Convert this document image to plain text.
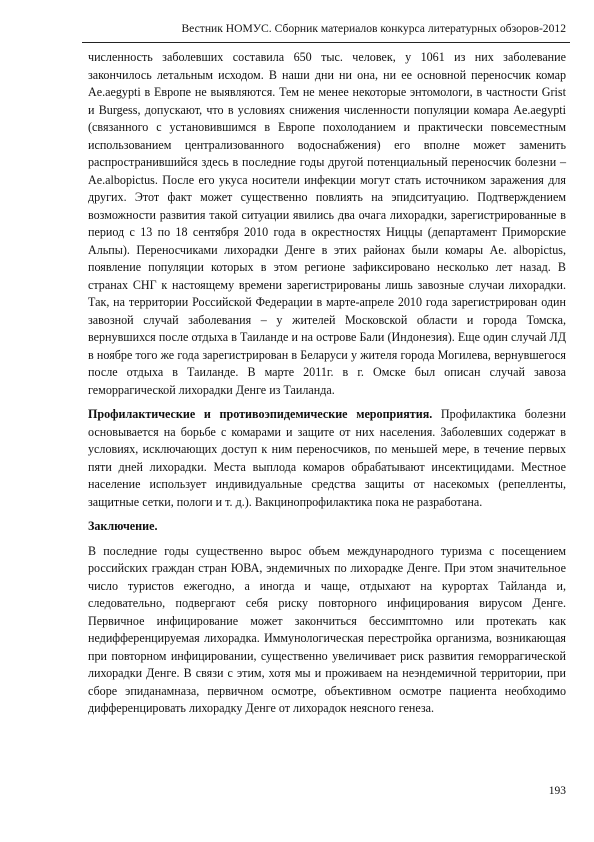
Вестник НОМУС. Сборник материалов конкурса литературных обзоров-2012

численность заболевших составила 650 тыс. человек, у 1061 из них заболевание закончилось летальным исходом. В наши дни ни она, ни ее основной переносчик комар Ae.aegypti в Европе не выявляются. Тем не менее некоторые энтомологи, в частности Grist и Burgess, допускают, что в условиях снижения численности популяции комара Ae.aegypti (связанного с установившимся в Европе похолоданием и практически повсеместным использованием централизованного водоснабжения) его вполне может заменить распространившийся здесь в последние годы другой потенциальный переносчик болезни – Ae.albopictus. После его укуса носители инфекции могут стать источником заражения для других. Этот факт может существенно повлиять на эпидситуацию. Подтверждением возможности развития такой ситуации явились два очага лихорадки, зарегистрированные в период с 13 по 18 сентября 2010 года в окрестностях Ниццы (департамент Приморские Альпы). Переносчиками лихорадки Денге в этих районах были комары Ae. albopictus, появление популяции которых в этом регионе зафиксировано несколько лет назад. В странах СНГ к настоящему времени зарегистрированы лишь завозные случаи лихорадки. Так, на территории Российской Федерации в марте-апреле 2010 года зарегистрирован один завозной случай заболевания – у жителей Московской области и города Томска, вернувшихся после отдыха в Таиланде и на острове Бали (Индонезия). Еще один случай ЛД в ноябре того же года зарегистрирован в Беларуси у жителя города Могилева, вернувшегося после отдыха в Таиланде. В марте 2011г. в г. Омске был описан случай завоза геморрагической лихорадки Денге из Таиланда.

Профилактические и противоэпидемические мероприятия. Профилактика болезни основывается на борьбе с комарами и защите от них населения. Заболевших содержат в условиях, исключающих доступ к ним переносчиков, по меньшей мере, в течение первых пяти дней лихорадки. Места выплода комаров обрабатывают инсектицидами. Местное население использует индивидуальные средства защиты от насекомых (репелленты, защитные сетки, пологи и т. д.). Вакцинопрофилактика пока не разработана.

Заключение.

В последние годы существенно вырос объем международного туризма с посещением российских граждан стран ЮВА, эндемичных по лихорадке Денге. При этом значительное число туристов ежегодно, а иногда и чаще, отдыхают на курортах Тайланда и, следовательно, подвергают себя риску повторного инфицирования вирусом Денге. Первичное инфицирование может закончиться бессимптомно или протекать как недифференцируемая лихорадка. Иммунологическая перестройка организма, возникающая при повторном инфицировании, существенно увеличивает риск развития геморрагической лихорадки Денге. В связи с этим, хотя мы и проживаем на неэндемичной территории, при сборе эпиданамназа, первичном осмотре, объективном осмотре пациента необходимо дифференцировать лихорадку Денге от лихорадок неясного генеза.

193
